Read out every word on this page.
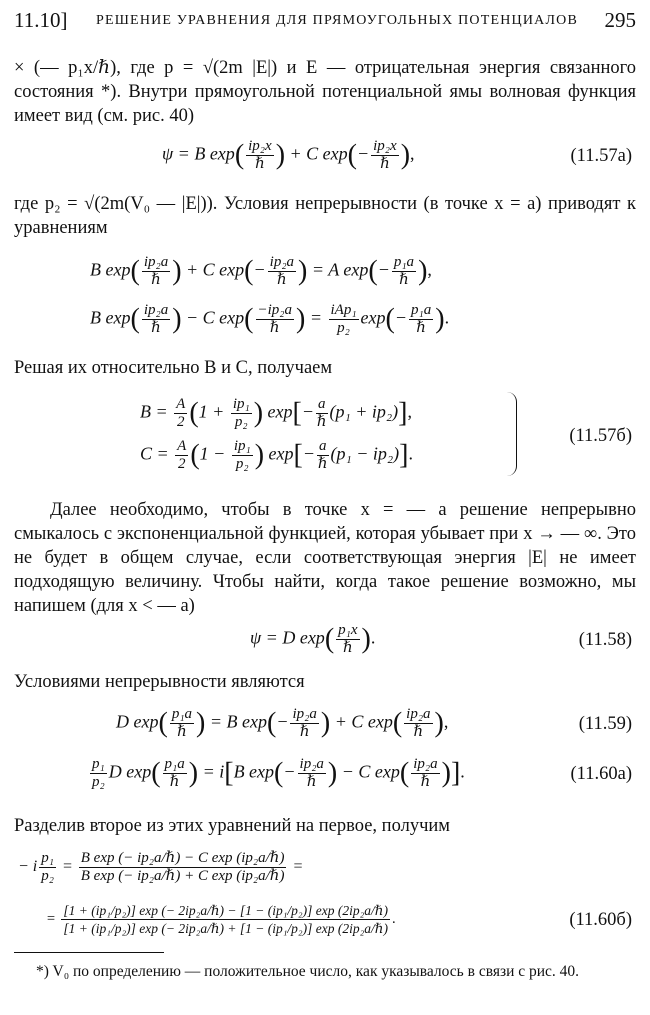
11.10] РЕШЕНИЕ УРАВНЕНИЯ ДЛЯ ПРЯМОУГОЛЬНЫХ ПОТЕНЦИАЛОВ 295
× (— p₁x/ℏ), где p = √(2m |E|) и E — отрицательная энергия связанного состояния *). Внутри прямоугольной потенциальной ямы волновая функция имеет вид (см. рис. 40)
ψ = B $\exp( \frac{\text{ip₂x}}{\text{ℏ}}$ ) + C $\exp(- \frac{\text{ip₂x}}{\text{ℏ}}$ ),	(11.57а)
где p₂ = √(2m(V₀ — |E|)). Условия непрерывности (в точке x = a) приводят к уравнениям
B $\exp( \frac{\text{ip₂a}}{\text{ℏ}}$ ) + C $\exp(- \frac{\text{ip₂a}}{\text{ℏ}}$ ) = A $\exp(- \frac{\text{p₁a}}{\text{ℏ}}$ ),
B $\exp( \frac{\text{ip₂a}}{\text{ℏ}}$ ) − C $\exp( \frac{\text{−ip₂a}}{\text{ℏ}}$ ) = $\frac{\text{iAp₁}}{\text{p₂}} \exp(- \frac{\text{p₁a}}{\text{ℏ}}$ ).
Решая их относительно B и C, получаем
$B = \frac{A}{2} (1 + \frac{\text{ip₁}}{\text{p₂}}$ ) $\exp[- \frac{a}{\text{ℏ}} (p_1 + ip_2)]$,
$C = \frac{A}{2} (1 - \frac{\text{ip₁}}{\text{p₂}}$ ) $\exp[- \frac{a}{\text{ℏ}} (p_1 - ip_2)]$.
(11.57б)
Далее необходимо, чтобы в точке x = — a решение непрерывно смыкалось с экспоненциальной функцией, которая убывает при x → — ∞. Это не будет в общем случае, если соответствующая энергия |E| не имеет подходящую величину. Чтобы найти, когда такое решение возможно, мы напишем (для x < — a)
ψ = D $\exp( \frac{\text{p₁x}}{\text{ℏ}}$ ).	(11.58)
Условиями непрерывности являются
D $\exp( \frac{\text{p₁a}}{\text{ℏ}}$ ) = B $\exp(- \frac{\text{ip₂a}}{\text{ℏ}}$ ) + C $\exp( \frac{\text{ip₂a}}{\text{ℏ}}$ ),	(11.59)
$\frac{\text{p₁}}{\text{p₂}}$ D $\exp( \frac{\text{p₁a}}{\text{ℏ}}$ ) = i[B $\exp(- \frac{\text{ip₂a}}{\text{ℏ}}$ ) − C $\exp( \frac{\text{ip₂a}}{\text{ℏ}}$ )].	(11.60а)
Разделив второе из этих уравнений на первое, получим
− i $\frac{\text{p₁}}{\text{p₂}} = \frac{\text{B exp (− ip₂a/ℏ) − C exp (ip₂a/ℏ)}}{\text{B exp (− ip₂a/ℏ) + C exp (ip₂a/ℏ)}}$ =
=
[1 + (ip₁/p₂)] exp (− 2ip₂a/ℏ) − [1 − (ip₁/p₂)] exp (2ip₂a/ℏ)
[1 + (ip₁/p₂)] exp (− 2ip₂a/ℏ) + [1 − (ip₁/p₂)] exp (2ip₂a/ℏ)
.	(11.60б)
*) V₀ по определению — положительное число, как указывалось в связи с рис. 40.
